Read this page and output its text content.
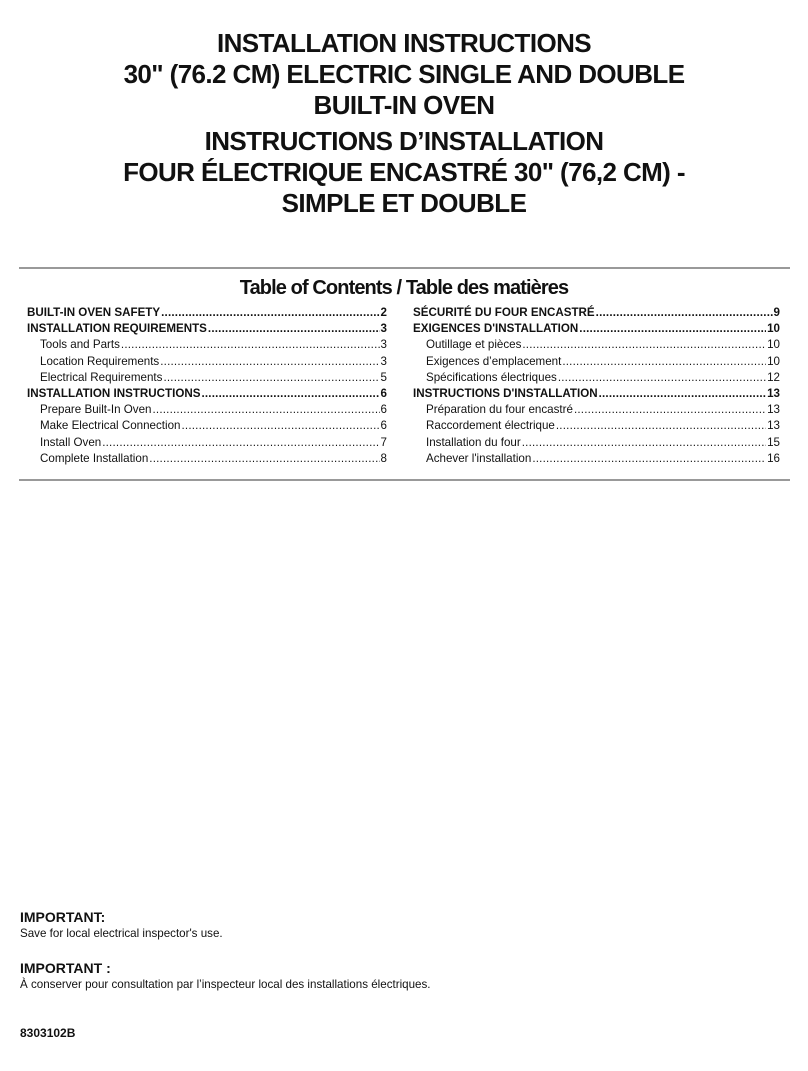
INSTALLATION INSTRUCTIONS
30" (76.2 CM) ELECTRIC SINGLE AND DOUBLE
BUILT-IN OVEN
INSTRUCTIONS D’INSTALLATION
FOUR ÉLECTRIQUE ENCASTRÉ 30" (76,2 CM) -
SIMPLE ET DOUBLE
Table of Contents / Table des matières
BUILT-IN OVEN SAFETY .....	2
INSTALLATION REQUIREMENTS .....	3
Tools and Parts .....	3
Location Requirements .....	3
Electrical Requirements .....	5
INSTALLATION INSTRUCTIONS .....	6
Prepare Built-In Oven .....	6
Make Electrical Connection .....	6
Install Oven .....	7
Complete Installation .....	8
SÉCURITÉ DU FOUR ENCASTRÉ .....	9
EXIGENCES D'INSTALLATION .....	10
Outillage et pièces .....	10
Exigences d’emplacement .....	10
Spécifications électriques .....	12
INSTRUCTIONS D'INSTALLATION .....	13
Préparation du four encastré .....	13
Raccordement électrique .....	13
Installation du four .....	15
Achever l'installation .....	16
IMPORTANT:
Save for local electrical inspector's use.
IMPORTANT :
À conserver pour consultation par l’inspecteur local des installations électriques.
8303102B
